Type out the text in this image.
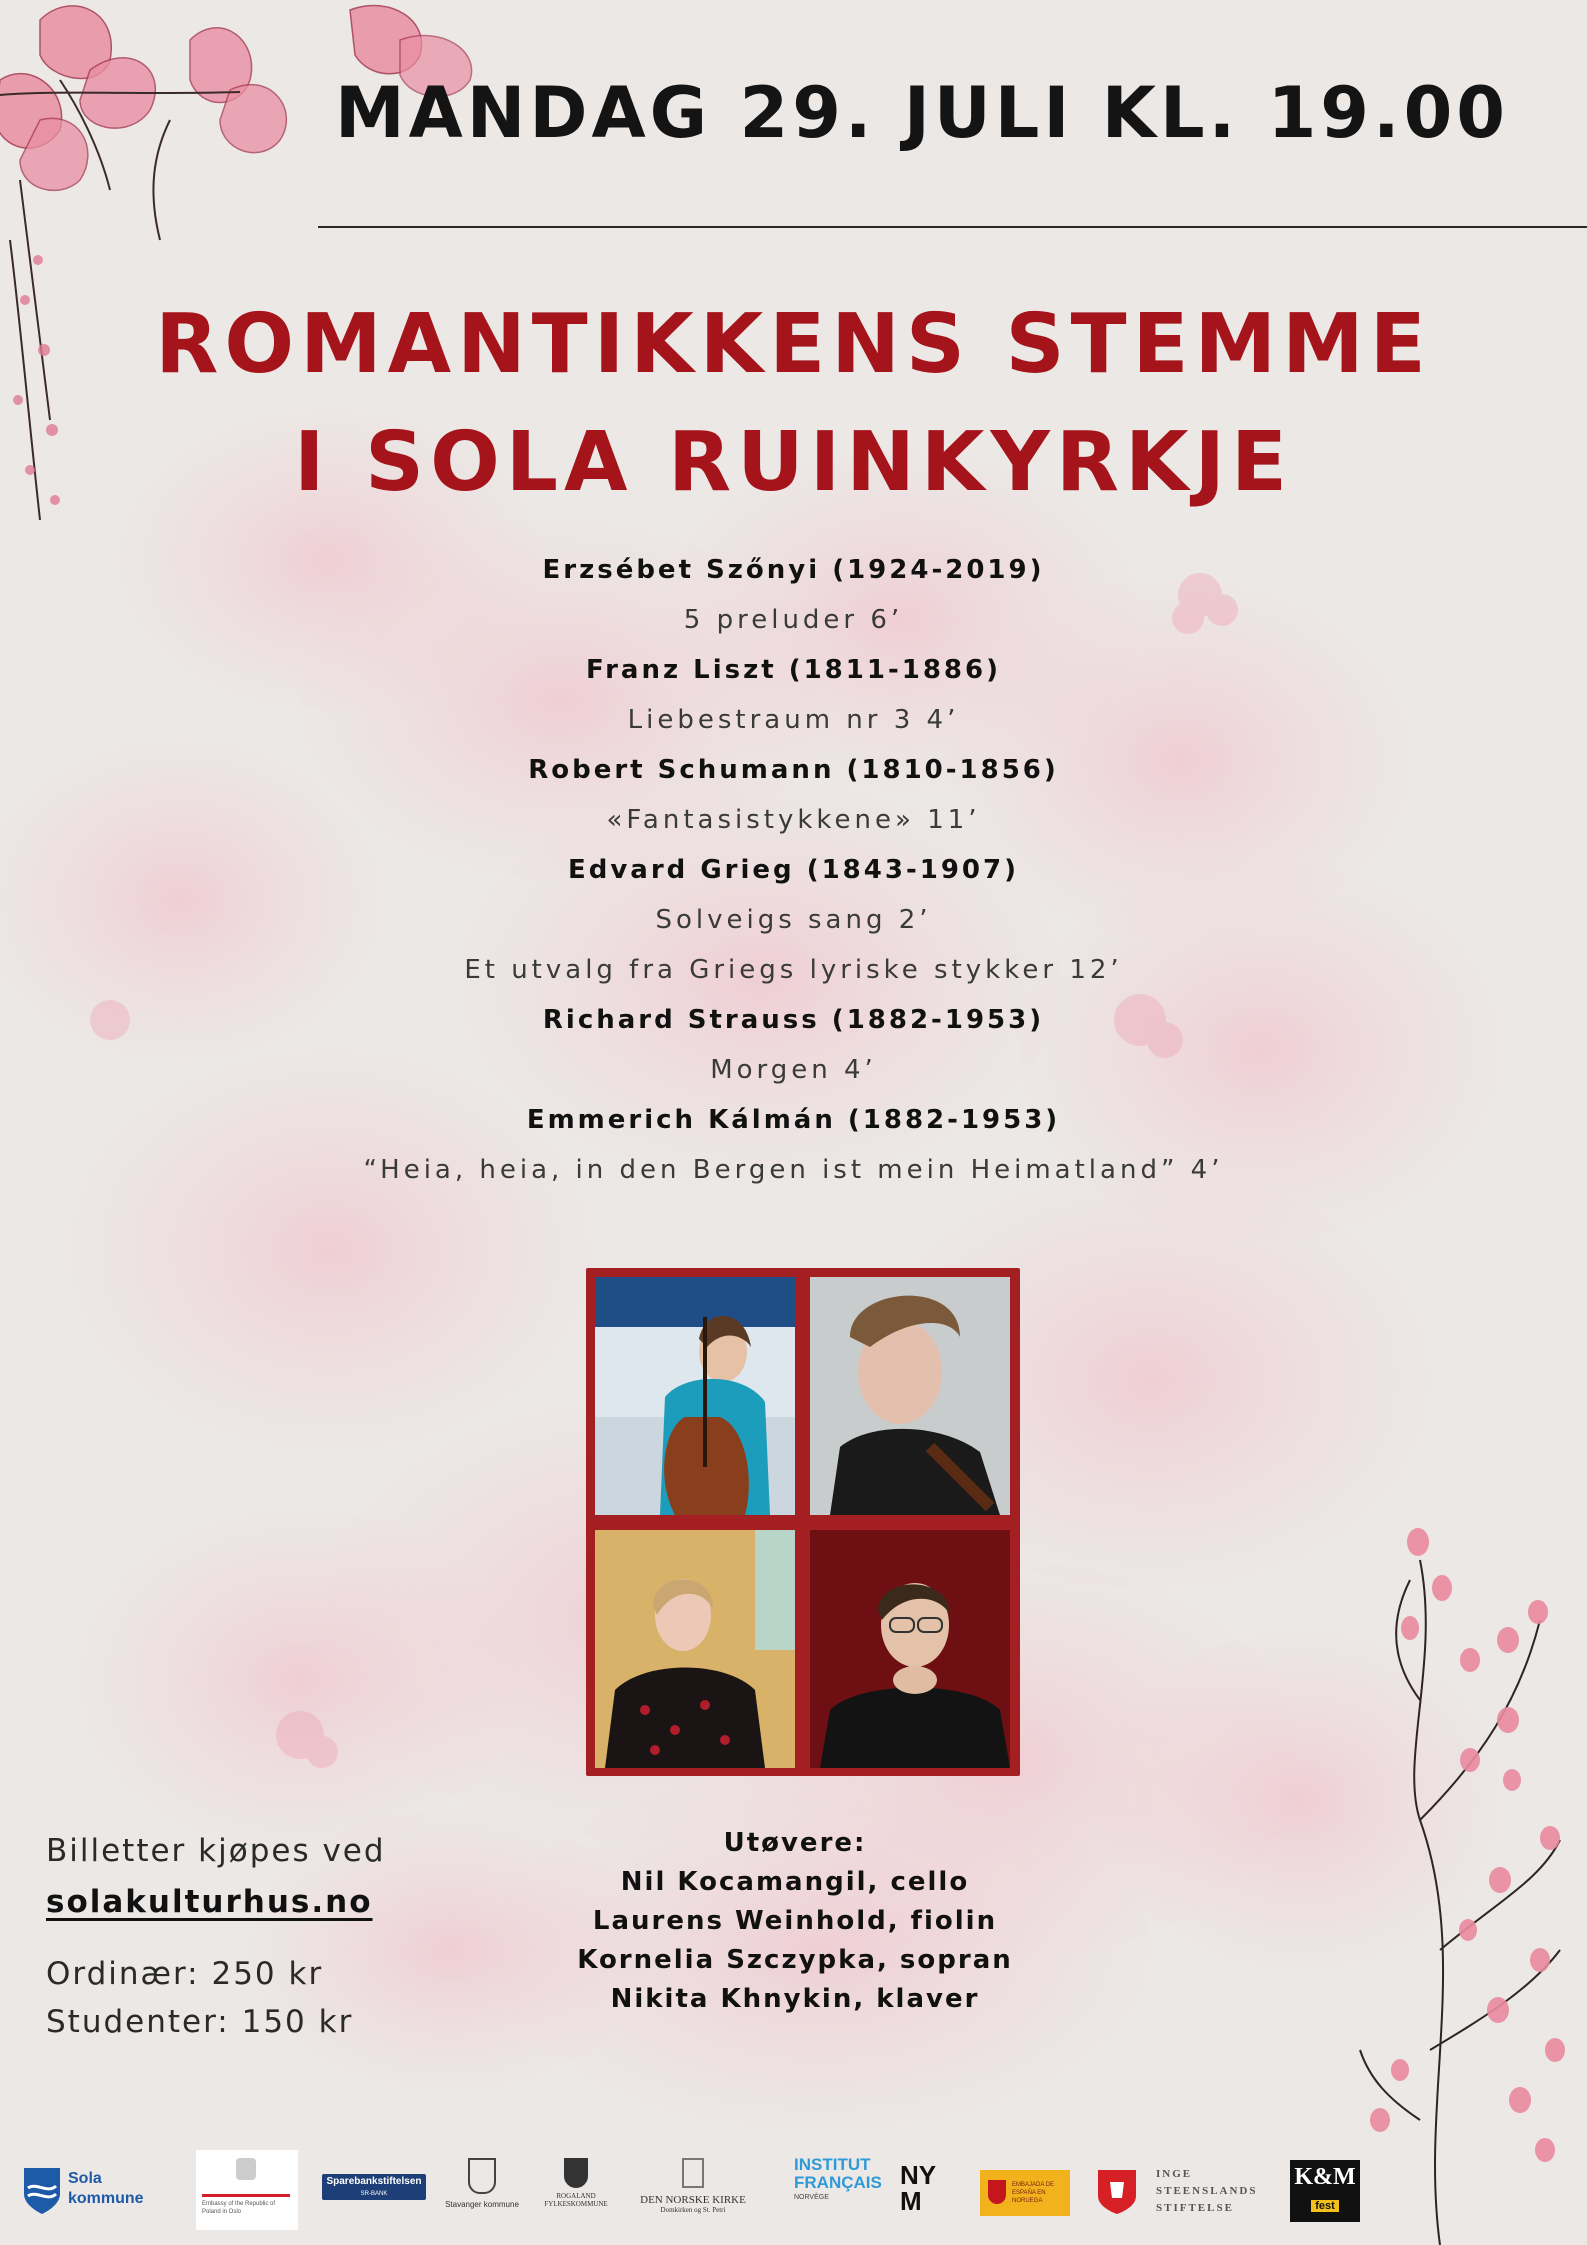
MANDAG 29. JULI KL. 19.00
ROMANTIKKENS STEMME
I SOLA RUINKYRKJE
Erzsébet Szőnyi (1924-2019)
5 preluder 6’
Franz Liszt (1811-1886)
Liebestraum nr 3 4’
Robert Schumann (1810-1856)
«Fantasistykkene» 11’
Edvard Grieg (1843-1907)
Solveigs sang 2’
Et utvalg fra Griegs lyriske stykker 12’
Richard Strauss (1882-1953)
Morgen 4’
Emmerich Kálmán (1882-1953)
“Heia, heia, in den Bergen ist mein Heimatland” 4’
Billetter kjøpes ved
solakulturhus.no
Ordinær: 250 kr
Studenter: 150 kr
Utøvere:
Nil Kocamangil, cello
Laurens Weinhold, fiolin
Kornelia Szczypka, sopran
Nikita Khnykin, klaver
Sola
kommune	Embassy of the Republic of Poland in Oslo
Sparebankstiftelsen
SR-BANK
Stavanger kommune
ROGALAND
FYLKESKOMMUNE	DEN NORSKE KIRKE
Domkirken og St. Petri
INSTITUT
FRANÇAIS
NORVÈGE
NY
M
EMBAJADA DE ESPAÑA EN NORUEGA
INGE
STEENSLANDS
STIFTELSE
K&M
fest
